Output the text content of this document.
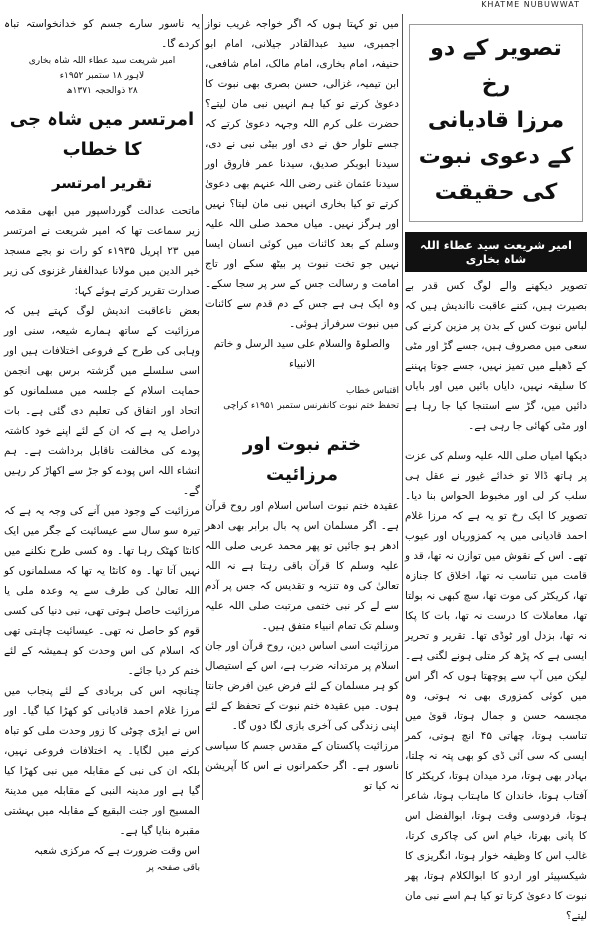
KHATME NUBUWWAT
تصویر کے دو رخ
مرزا قادیانی کے دعوی نبوت
کی حقیقت
امیر شریعت سید عطاء اللہ شاہ بخاری

تصویر دیکھنے والے لوگ کس قدر بے بصیرت ہیں، کتنے عاقبت نااندیش ہیں کہ لباس نبوت کس کے بدن پر مزین کرنے کی سعی میں مصروف ہیں، جسے گڑ اور مٹی کے ڈھیلے میں تمیز نہیں، جسے جوتا پہننے کا سلیقہ نہیں، دایاں بائیں میں اور بایاں دائیں میں، گڑ سے استنجا کیا جا رہا ہے اور مٹی کھائی جا رہی ہے۔

دیکھا امیاں صلی اللہ علیہ وسلم کی عزت پر ہاتھ ڈالا تو خدائے غیور نے عقل ہی سلب کر لی اور مخبوط الحواس بنا دیا۔ تصویر کا ایک رخ تو یہ ہے کہ مرزا غلام احمد قادیانی میں یہ کمزوریاں اور عیوب تھے۔ اس کے نقوش میں توازن نہ تھا، قد و قامت میں تناسب نہ تھا، اخلاق کا جنازہ تھا، کریکٹر کی موت تھا، سچ کبھی نہ بولتا تھا، معاملات کا درست نہ تھا، بات کا پکا نہ تھا، بزدل اور ٹوڈی تھا۔ تقریر و تحریر ایسی ہے کہ پڑھ کر متلی ہونے لگتی ہے۔ لیکن میں آپ سے پوچھتا ہوں کہ اگر اس میں کوئی کمزوری بھی نہ ہوتی، وہ مجسمہ حسن و جمال ہوتا، قویٰ میں تناسب ہوتا، چھاتی ۴۵ انچ ہوتی، کمر ایسی کہ سی آئی ڈی کو بھی پتہ نہ چلتا، بہادر بھی ہوتا، مرد میدان ہوتا، کریکٹر کا آفتاب ہوتا، خاندان کا ماہتاب ہوتا، شاعر ہوتا، فردوسی وقت ہوتا، ابوالفضل اس کا پانی بھرتا، خیام اس کی چاکری کرتا، غالب اس کا وظیفہ خوار ہوتا، انگریزی کا شیکسپیئر اور اردو کا ابوالکلام ہوتا، پھر نبوت کا دعویٰ کرتا تو کیا ہم اسے نبی مان لیتے؟

میں تو کہتا ہوں کہ اگر خواجہ غریب نواز اجمیری، سید عبدالقادر جیلانی، امام ابو حنیفہ، امام بخاری، امام مالک، امام شافعی، ابن تیمیہ، غزالی، حسن بصری بھی نبوت کا دعویٰ کرتے تو کیا ہم انہیں نبی مان لیتے؟ حضرت علی کرم اللہ وجہہ دعویٰ کرتے کہ جسے تلوار حق نے دی اور بیٹی نبی نے دی، سیدنا ابوبکر صدیق، سیدنا عمر فاروق اور سیدنا عثمان غنی رضی اللہ عنہم بھی دعویٰ کرتے تو کیا بخاری انہیں نبی مان لیتا؟ نہیں اور ہرگز نہیں۔ میاں محمد صلی اللہ علیہ وسلم کے بعد کائنات میں کوئی انسان ایسا نہیں جو تخت نبوت پر بیٹھ سکے اور تاج امامت و رسالت جس کے سر پر سجا سکے۔ وہ ایک ہی ہے جس کے دم قدم سے کائنات میں نبوت سرفراز ہوئی۔

والصلوۃ والسلام علی سید الرسل و خاتم الانبیاء

اقتباس خطاب

تحفظ ختم نبوت کانفرنس ستمبر ۱۹۵۱ء کراچی

ختم نبوت اور مرزائیت

عقیدہ ختم نبوت اساس اسلام اور روح قرآن ہے۔ اگر مسلمان اس پہ بال برابر بھی ادھر ادھر ہو جائیں تو پھر محمد عربی صلی اللہ علیہ وسلم کا قرآن باقی رہتا ہے نہ اللہ تعالیٰ کی وہ تنزیہ و تقدیس کہ جس پر آدم سے لے کر نبی ختمی مرتبت صلی اللہ علیہ وسلم تک تمام انبیاء متفق ہیں۔

مرزائیت اسی اساس دین، روح قرآن اور جان اسلام پر مرتدانہ ضرب ہے، اس کے استیصال کو ہر مسلمان کے لئے فرض عین افرض جانتا ہوں۔ میں عقیدہ ختم نبوت کے تحفظ کے لئے اپنی زندگی کی آخری بازی لگا دوں گا۔

مرزائیت پاکستان کے مقدس جسم کا سیاسی ناسور ہے۔ اگر حکمرانوں نے اس کا آپریشن نہ کیا تو

یہ ناسور سارے جسم کو خدانخواستہ تباہ کردے گا۔

امیر شریعت سید عطاء اللہ شاہ بخاری

لاہور ۱۸ ستمبر ۱۹۵۲ء

۲۸ ذوالحجہ ۱۳۷۱ھ

امرتسر میں شاہ جی کا خطاب
تقریر امرتسر

ماتحت عدالت گورداسپور میں ابھی مقدمہ زیر سماعت تھا کہ امیر شریعت نے امرتسر میں ۲۳ اپریل ۱۹۳۵ء کو رات نو بجے مسجد خیر الدین میں مولانا عبدالغفار غزنوی کی زیر صدارت تقریر کرتے ہوئے کہا:

بعض ناعاقبت اندیش لوگ کہتے ہیں کہ مرزائیت کے ساتھ ہمارے شیعہ، سنی اور وہابی کی طرح کے فروعی اختلافات ہیں اور اسی سلسلے میں گزشتہ برس بھی انجمن حمایت اسلام کے جلسہ میں مسلمانوں کو اتحاد اور اتفاق کی تعلیم دی گئی ہے۔ بات دراصل یہ ہے کہ ان کے لئے اپنے خود کاشتہ پودے کی مخالفت ناقابل برداشت ہے۔ ہم انشاء اللہ اس پودے کو جڑ سے اکھاڑ کر رہیں گے۔

مرزائیت کے وجود میں آنے کی وجہ یہ ہے کہ تیرہ سو سال سے عیسائیت کے جگر میں ایک کانٹا کھٹک رہا تھا۔ وہ کسی طرح نکلنے میں نہیں آتا تھا۔ وہ کانٹا یہ تھا کہ مسلمانوں کو اللہ تعالیٰ کی طرف سے یہ وعدہ ملی یا مرزائیت حاصل ہوتی تھی، نبی دنیا کی کسی قوم کو حاصل نہ تھی۔ عیسائیت چاہتی تھی کہ اسلام کی اس وحدت کو ہمیشہ کے لئے ختم کر دیا جائے۔

چنانچہ اس کی بربادی کے لئے پنجاب میں مرزا غلام احمد قادیانی کو کھڑا کیا گیا۔ اور اس نے ایڑی چوٹی کا زور وحدت ملی کو تباہ کرنے میں لگایا۔ یہ اختلافات فروعی نہیں، بلکہ ان کی نبی کے مقابلہ میں نبی کھڑا کیا گیا ہے اور مدینہ النبی کے مقابلہ میں مدینۃ المسیح اور جنت البقیع کے مقابلہ میں بہشتی مقبرہ بنایا گیا ہے۔

اس وقت ضرورت ہے کہ مرکزی شعبہ

باقی صفحہ پر
